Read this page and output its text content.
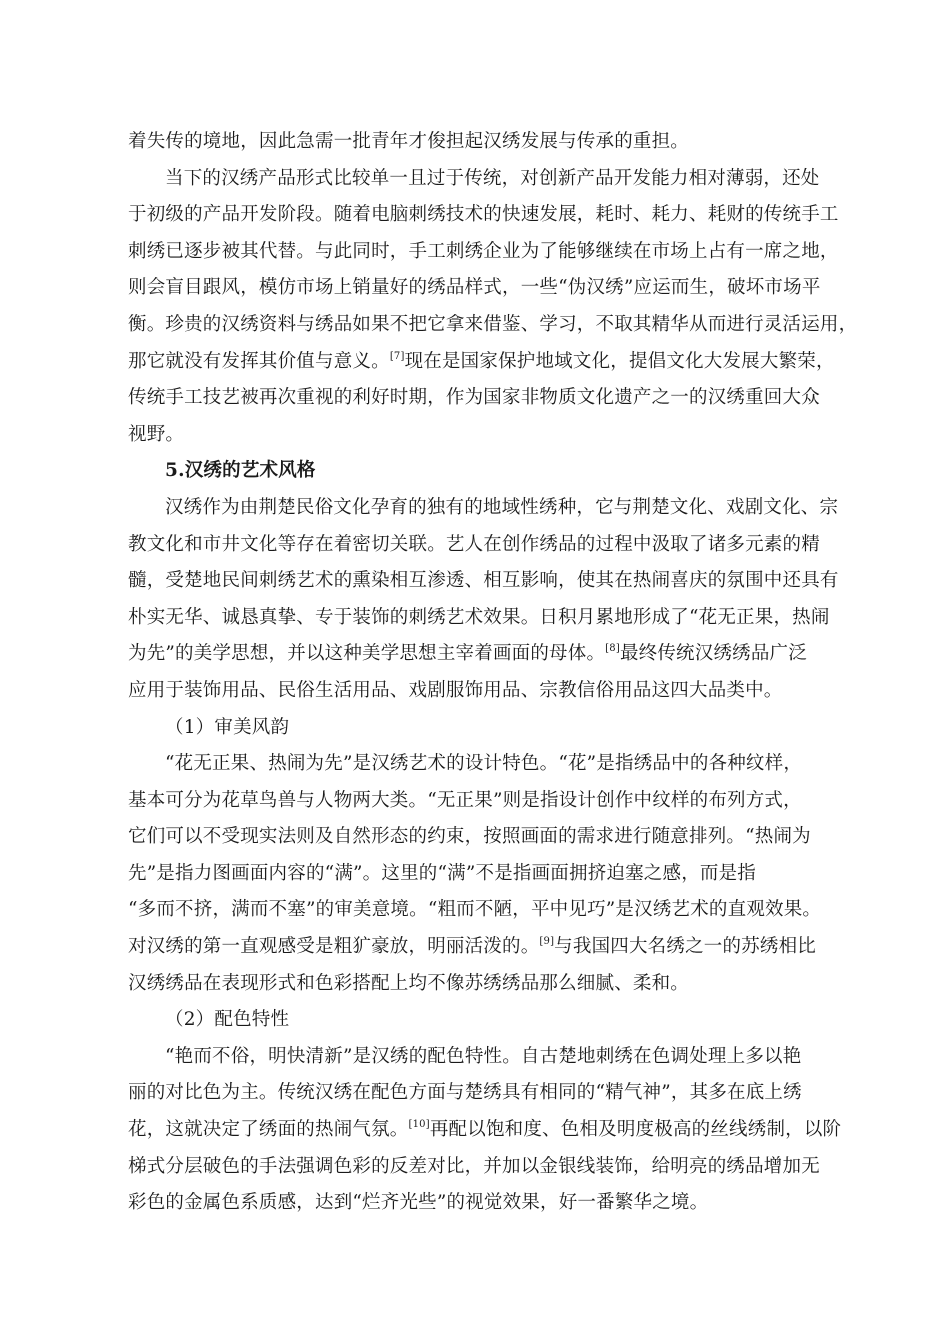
着失传的境地，因此急需一批青年才俊担起汉绣发展与传承的重担。
当下的汉绣产品形式比较单一且过于传统，对创新产品开发能力相对薄弱，还处
于初级的产品开发阶段。随着电脑刺绣技术的快速发展，耗时、耗力、耗财的传统手工
刺绣已逐步被其代替。与此同时，手工刺绣企业为了能够继续在市场上占有一席之地，
则会盲目跟风，模仿市场上销量好的绣品样式，一些“伪汉绣”应运而生，破坏市场平
衡。珍贵的汉绣资料与绣品如果不把它拿来借鉴、学习，不取其精华从而进行灵活运用，
那它就没有发挥其价值与意义。[7]现在是国家保护地域文化，提倡文化大发展大繁荣，
传统手工技艺被再次重视的利好时期，作为国家非物质文化遗产之一的汉绣重回大众
视野。
5.汉绣的艺术风格
汉绣作为由荆楚民俗文化孕育的独有的地域性绣种，它与荆楚文化、戏剧文化、宗
教文化和市井文化等存在着密切关联。艺人在创作绣品的过程中汲取了诸多元素的精
髓，受楚地民间刺绣艺术的熏染相互渗透、相互影响，使其在热闹喜庆的氛围中还具有
朴实无华、诚恳真挚、专于装饰的刺绣艺术效果。日积月累地形成了“花无正果，热闹
为先”的美学思想，并以这种美学思想主宰着画面的母体。[8]最终传统汉绣绣品广泛
应用于装饰用品、民俗生活用品、戏剧服饰用品、宗教信俗用品这四大品类中。
（1）审美风韵
“花无正果、热闹为先”是汉绣艺术的设计特色。“花”是指绣品中的各种纹样，
基本可分为花草鸟兽与人物两大类。“无正果”则是指设计创作中纹样的布列方式，
它们可以不受现实法则及自然形态的约束，按照画面的需求进行随意排列。“热闹为
先”是指力图画面内容的“满”。这里的“满”不是指画面拥挤迫塞之感，而是指
“多而不挤，满而不塞”的审美意境。“粗而不陋，平中见巧”是汉绣艺术的直观效果。
对汉绣的第一直观感受是粗犷豪放，明丽活泼的。[9]与我国四大名绣之一的苏绣相比
汉绣绣品在表现形式和色彩搭配上均不像苏绣绣品那么细腻、柔和。
（2）配色特性
“艳而不俗，明快清新”是汉绣的配色特性。自古楚地刺绣在色调处理上多以艳
丽的对比色为主。传统汉绣在配色方面与楚绣具有相同的“精气神”，其多在底上绣
花，这就决定了绣面的热闹气氛。[10]再配以饱和度、色相及明度极高的丝线绣制，以阶
梯式分层破色的手法强调色彩的反差对比，并加以金银线装饰，给明亮的绣品增加无
彩色的金属色系质感，达到“烂齐光些”的视觉效果，好一番繁华之境。
